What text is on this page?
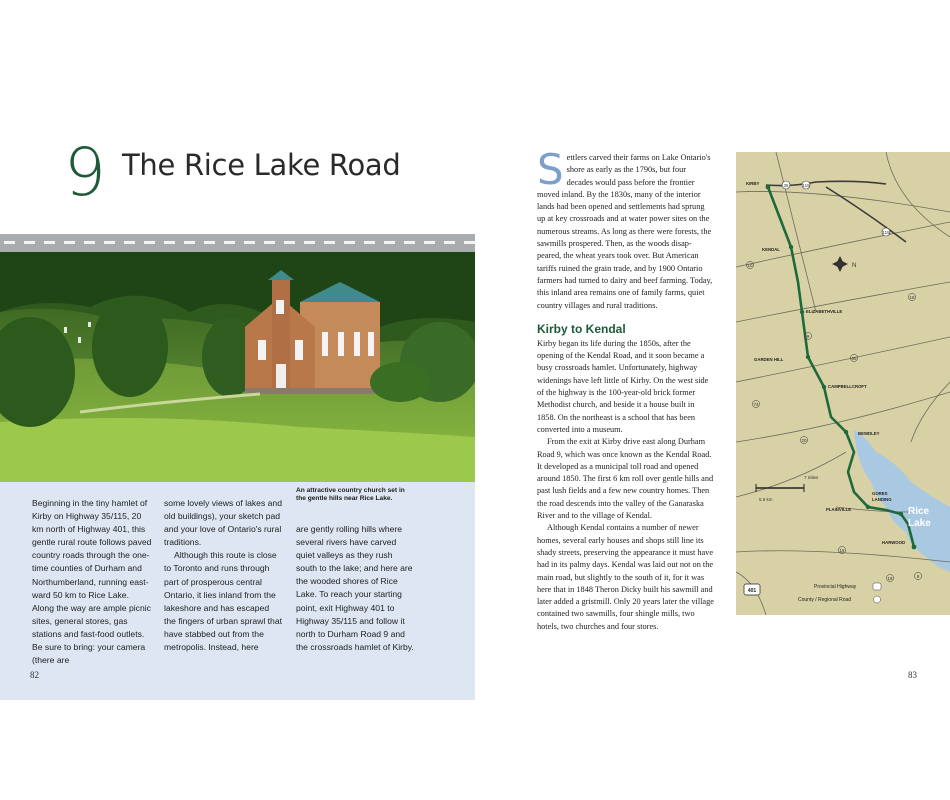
9 The Rice Lake Road
An attractive country church set in the gentle hills near Rice Lake.

Beginning in the tiny hamlet of Kirby on Highway 35/115, 20 km north of Highway 401, this gentle rural route follows paved country roads through the one-time counties of Durham and Northumberland, running east-ward 50 km to Rice Lake. Along the way are ample picnic sites, general stores, gas stations and fast-food outlets. Be sure to bring: your camera (there are

some lovely views of lakes and old buildings), your sketch pad and your love of Ontario's rural traditions.

Although this route is close to Toronto and runs through part of prosperous central Ontario, it lies inland from the lakeshore and has escaped the fingers of urban sprawl that have stabbed out from the metropolis. Instead, here

are gently rolling hills where several rivers have carved quiet valleys as they rush south to the lake; and here are the wooded shores of Rice Lake. To reach your starting point, exit Highway 401 to Highway 35/115 and follow it north to Durham Road 9 and the crossroads hamlet of Kirby.

82

Settlers carved their farms on Lake Ontario's shore as early as the 1790s, but four decades would pass before the frontier moved inland. By the 1830s, many of the interior lands had been opened and settlements had sprung up at key crossroads and at water power sites on the numerous streams. As long as there were forests, the sawmills prospered. Then, as the woods disap-peared, the wheat years took over. But American tariffs ruined the grain trade, and by 1900 Ontario farmers had turned to dairy and beef farming. Today, this inland area remains one of family farms, quiet country villages and rural traditions.

Kirby to Kendal

Kirby began its life during the 1850s, after the opening of the Kendal Road, and it soon became a busy crossroads hamlet. Unfortunately, highway widenings have left little of Kirby. On the west side of the highway is the 100-year-old brick former Methodist church, and beside it a house built in 1858. On the northeast is a school that has been converted into a museum.

From the exit at Kirby drive east along Durham Road 9, which was once known as the Kendal Road. It developed as a municipal toll road and opened around 1850. The first 6 km roll over gentle hills and past lush fields and a few new country homes. Then the road descends into the valley of the Ganaraska River and to the village of Kendal.

Although Kendal contains a number of newer homes, several early houses and shops still line its shady streets, preserving the appearance it must have had in its palmy days. Kendal was laid out not on the main road, but slightly to the south of it, for it was here that in 1848 Theron Dicky built his sawmill and later added a gristmill. Only 20 years later the village contained two sawmills, four shingle mills, two hotels, two churches and four stores.

N
7 miles
5.5 km
35	115
115
10
18
9
65
74
20
15
18	9
401
KIRBY
KENDAL
ELIZABETHVILLE
GARDEN HILL
CAMPBELLCROFT
BEWDLEY
GORES
LANDING
PLAINVILLE
HARWOOD
Rice
Lake
Provincial Highway
County / Regional Road
83
